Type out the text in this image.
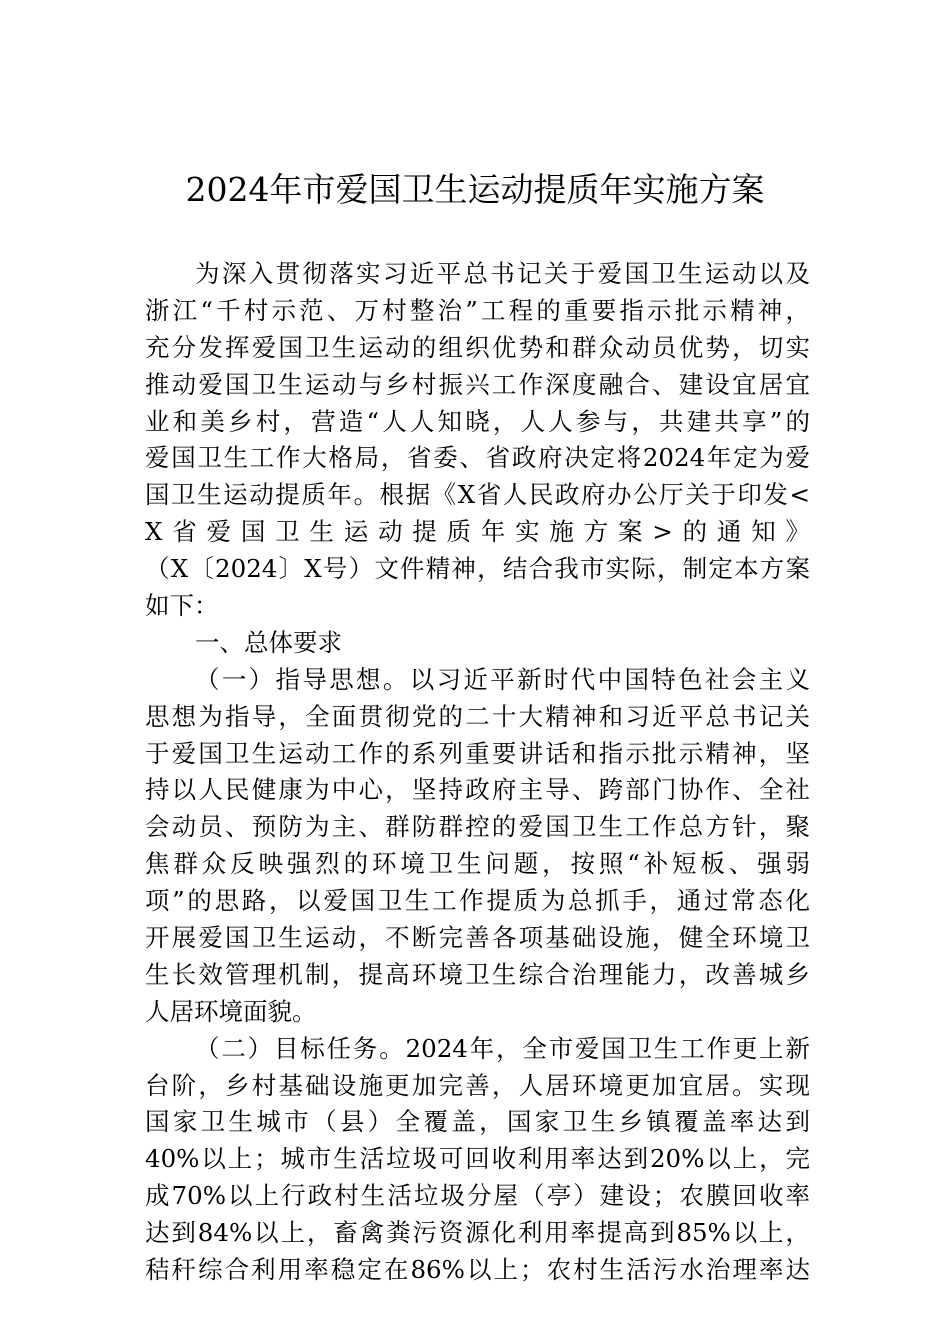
2024年市爱国卫生运动提质年实施方案
为深入贯彻落实习近平总书记关于爱国卫生运动以及
浙江“千村示范、万村整治”工程的重要指示批示精神，
充分发挥爱国卫生运动的组织优势和群众动员优势，切实
推动爱国卫生运动与乡村振兴工作深度融合、建设宜居宜
业和美乡村，营造“人人知晓，人人参与，共建共享”的
爱国卫生工作大格局，省委、省政府决定将2024年定为爱
国卫生运动提质年。根据《X省人民政府办公厅关于印发<
X省爱国卫生运动提质年实施方案>的通知》
（X〔2024〕X号）文件精神，结合我市实际，制定本方案
如下：
一、总体要求
（一）指导思想。以习近平新时代中国特色社会主义
思想为指导，全面贯彻党的二十大精神和习近平总书记关
于爱国卫生运动工作的系列重要讲话和指示批示精神，坚
持以人民健康为中心，坚持政府主导、跨部门协作、全社
会动员、预防为主、群防群控的爱国卫生工作总方针，聚
焦群众反映强烈的环境卫生问题，按照“补短板、强弱
项”的思路，以爱国卫生工作提质为总抓手，通过常态化
开展爱国卫生运动，不断完善各项基础设施，健全环境卫
生长效管理机制，提高环境卫生综合治理能力，改善城乡
人居环境面貌。
（二）目标任务。2024年，全市爱国卫生工作更上新
台阶，乡村基础设施更加完善，人居环境更加宜居。实现
国家卫生城市（县）全覆盖，国家卫生乡镇覆盖率达到
40%以上；城市生活垃圾可回收利用率达到20%以上，完
成70%以上行政村生活垃圾分屋（亭）建设；农膜回收率
达到84%以上，畜禽粪污资源化利用率提高到85%以上，
秸秆综合利用率稳定在86%以上；农村生活污水治理率达
